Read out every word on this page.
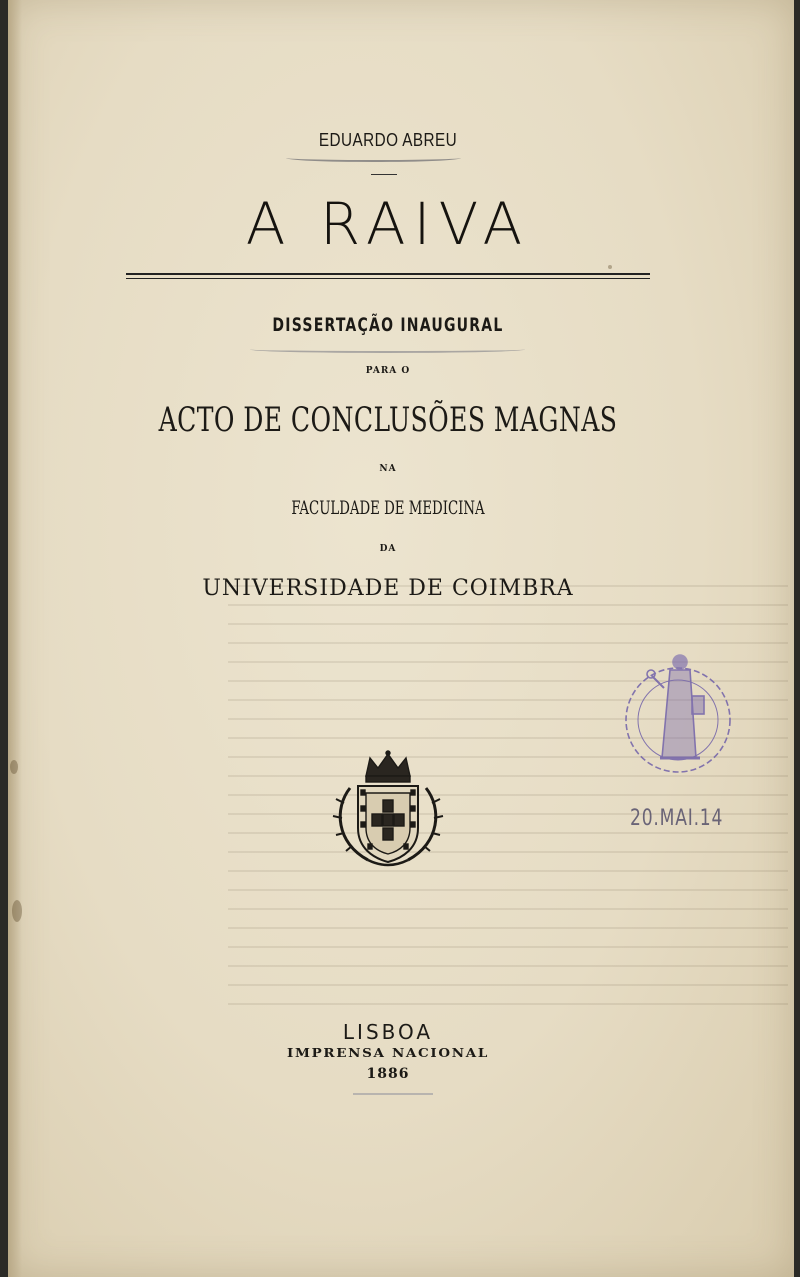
EDUARDO ABREU
A RAIVA
DISSERTAÇÃO INAUGURAL
PARA O
ACTO DE CONCLUSÕES MAGNAS
NA
FACULDADE DE MEDICINA
DA
UNIVERSIDADE DE COIMBRA
20.MAI.14
LISBOA
IMPRENSA NACIONAL
1886
